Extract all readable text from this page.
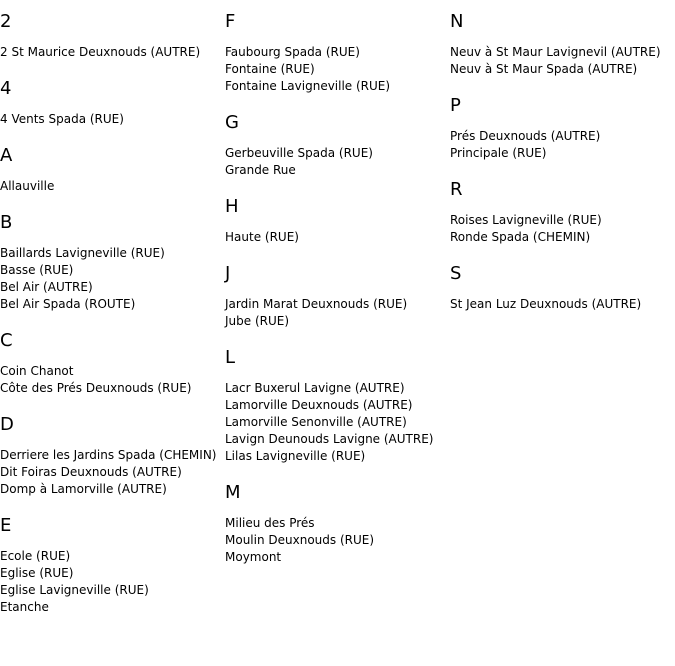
2
2 St Maurice Deuxnouds (AUTRE)
4
4 Vents Spada (RUE)
A
Allauville
B
Baillards Lavigneville (RUE)
Basse (RUE)
Bel Air (AUTRE)
Bel Air Spada (ROUTE)
C
Coin Chanot
Côte des Prés Deuxnouds (RUE)
D
Derriere les Jardins Spada (CHEMIN)
Dit Foiras Deuxnouds (AUTRE)
Domp à Lamorville (AUTRE)
E
Ecole (RUE)
Eglise (RUE)
Eglise Lavigneville (RUE)
Etanche
F
Faubourg Spada (RUE)
Fontaine (RUE)
Fontaine Lavigneville (RUE)
G
Gerbeuville Spada (RUE)
Grande Rue
H
Haute (RUE)
J
Jardin Marat Deuxnouds (RUE)
Jube (RUE)
L
Lacr Buxerul Lavigne (AUTRE)
Lamorville Deuxnouds (AUTRE)
Lamorville Senonville (AUTRE)
Lavign Deunouds Lavigne (AUTRE)
Lilas Lavigneville (RUE)
M
Milieu des Prés
Moulin Deuxnouds (RUE)
Moymont
N
Neuv à St Maur Lavignevil (AUTRE)
Neuv à St Maur Spada (AUTRE)
P
Prés Deuxnouds (AUTRE)
Principale (RUE)
R
Roises Lavigneville (RUE)
Ronde Spada (CHEMIN)
S
St Jean Luz Deuxnouds (AUTRE)
